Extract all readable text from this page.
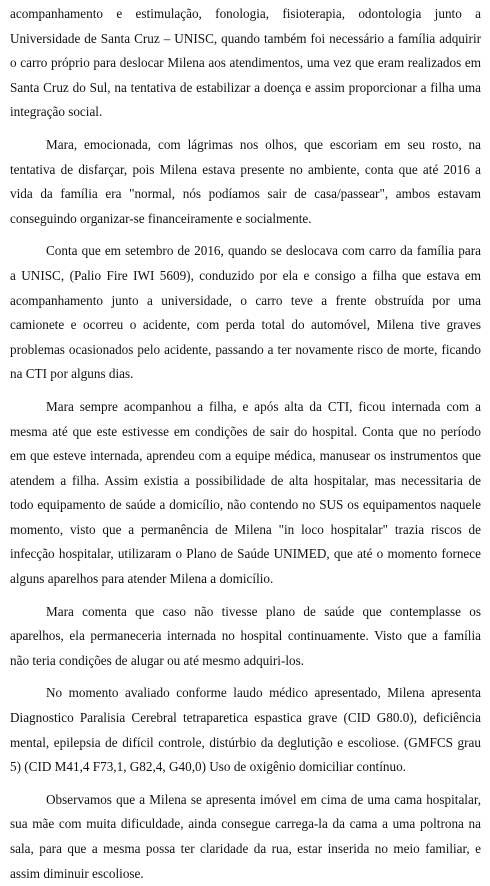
acompanhamento e estimulação, fonologia, fisioterapia, odontologia junto a
Universidade de Santa Cruz – UNISC, quando também foi necessário a família adquirir
o carro próprio para deslocar Milena aos atendimentos, uma vez que eram realizados em
Santa Cruz do Sul, na tentativa de estabilizar a doença e assim proporcionar a filha uma
integração social.

Mara, emocionada, com lágrimas nos olhos, que escoriam em seu rosto, na
tentativa de disfarçar, pois Milena estava presente no ambiente, conta que até 2016 a
vida da família era "normal, nós podíamos sair de casa/passear", ambos estavam
conseguindo organizar-se financeiramente e socialmente.

Conta que em setembro de 2016, quando se deslocava com carro da família para
a UNISC, (Palio Fire IWI 5609), conduzido por ela e consigo a filha que estava em
acompanhamento junto a universidade, o carro teve a frente obstruída por uma
camionete e ocorreu o acidente, com perda total do automóvel, Milena tive graves
problemas ocasionados pelo acidente, passando a ter novamente risco de morte, ficando
na CTI por alguns dias.

Mara sempre acompanhou a filha, e após alta da CTI, ficou internada com a
mesma até que este estivesse em condições de sair do hospital. Conta que no período
em que esteve internada, aprendeu com a equipe médica, manusear os instrumentos que
atendem a filha. Assim existia a possibilidade de alta hospitalar, mas necessitaria de
todo equipamento de saúde a domicílio, não contendo no SUS os equipamentos naquele
momento, visto que a permanência de Milena "in loco hospitalar" trazia riscos de
infecção hospitalar, utilizaram o Plano de Saúde UNIMED, que até o momento fornece
alguns aparelhos para atender Milena a domicílio.

Mara comenta que caso não tivesse plano de saúde que contemplasse os
aparelhos, ela permaneceria internada no hospital continuamente. Visto que a família
não teria condições de alugar ou até mesmo adquiri-los.

No momento avaliado conforme laudo médico apresentado, Milena apresenta
Diagnostico Paralisia Cerebral tetraparetica espastica grave (CID G80.0), deficiência
mental, epilepsia de difícil controle, distúrbio da deglutição e escoliose. (GMFCS grau
5) (CID M41,4 F73,1, G82,4, G40,0) Uso de oxigênio domiciliar contínuo.

Observamos que a Milena se apresenta imóvel em cima de uma cama hospitalar,
sua mãe com muita dificuldade, ainda consegue carrega-la da cama a uma poltrona na
sala, para que a mesma possa ter claridade da rua, estar inserida no meio familiar, e
assim diminuir escoliose.
